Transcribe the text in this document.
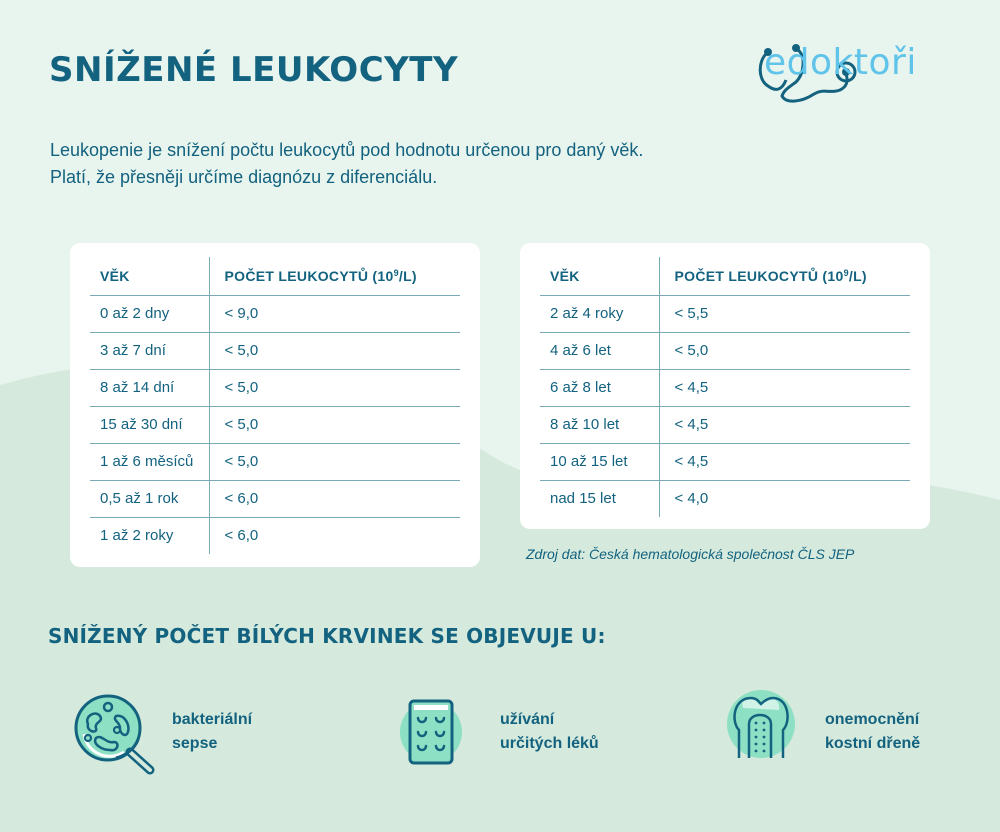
SNÍŽENÉ LEUKOCYTY	edoktoři
Leukopenie je snížení počtu leukocytů pod hodnotu určenou pro daný věk.
Platí, že přesněji určíme diagnózu z diferenciálu.
VĚK	POČET LEUKOCYTŮ $(10^9/L)$
0 až 2 dny	< 9,0
3 až 7 dní	< 5,0
8 až 14 dní	< 5,0
15 až 30 dní	< 5,0
1 až 6 měsíců	< 5,0
0,5 až 1 rok	< 6,0
1 až 2 roky	< 6,0
VĚK	POČET LEUKOCYTŮ $(10^9/L)$
2 až 4 roky	< 5,5
4 až 6 let	< 5,0
6 až 8 let	< 4,5
8 až 10 let	< 4,5
10 až 15 let	< 4,5
nad 15 let	< 4,0
Zdroj dat: Česká hematologická společnost ČLS JEP
SNÍŽENÝ POČET BÍLÝCH KRVINEK SE OBJEVUJE U:
bakteriální
sepse
užívání
určitých léků
onemocnění
kostní dřeně
